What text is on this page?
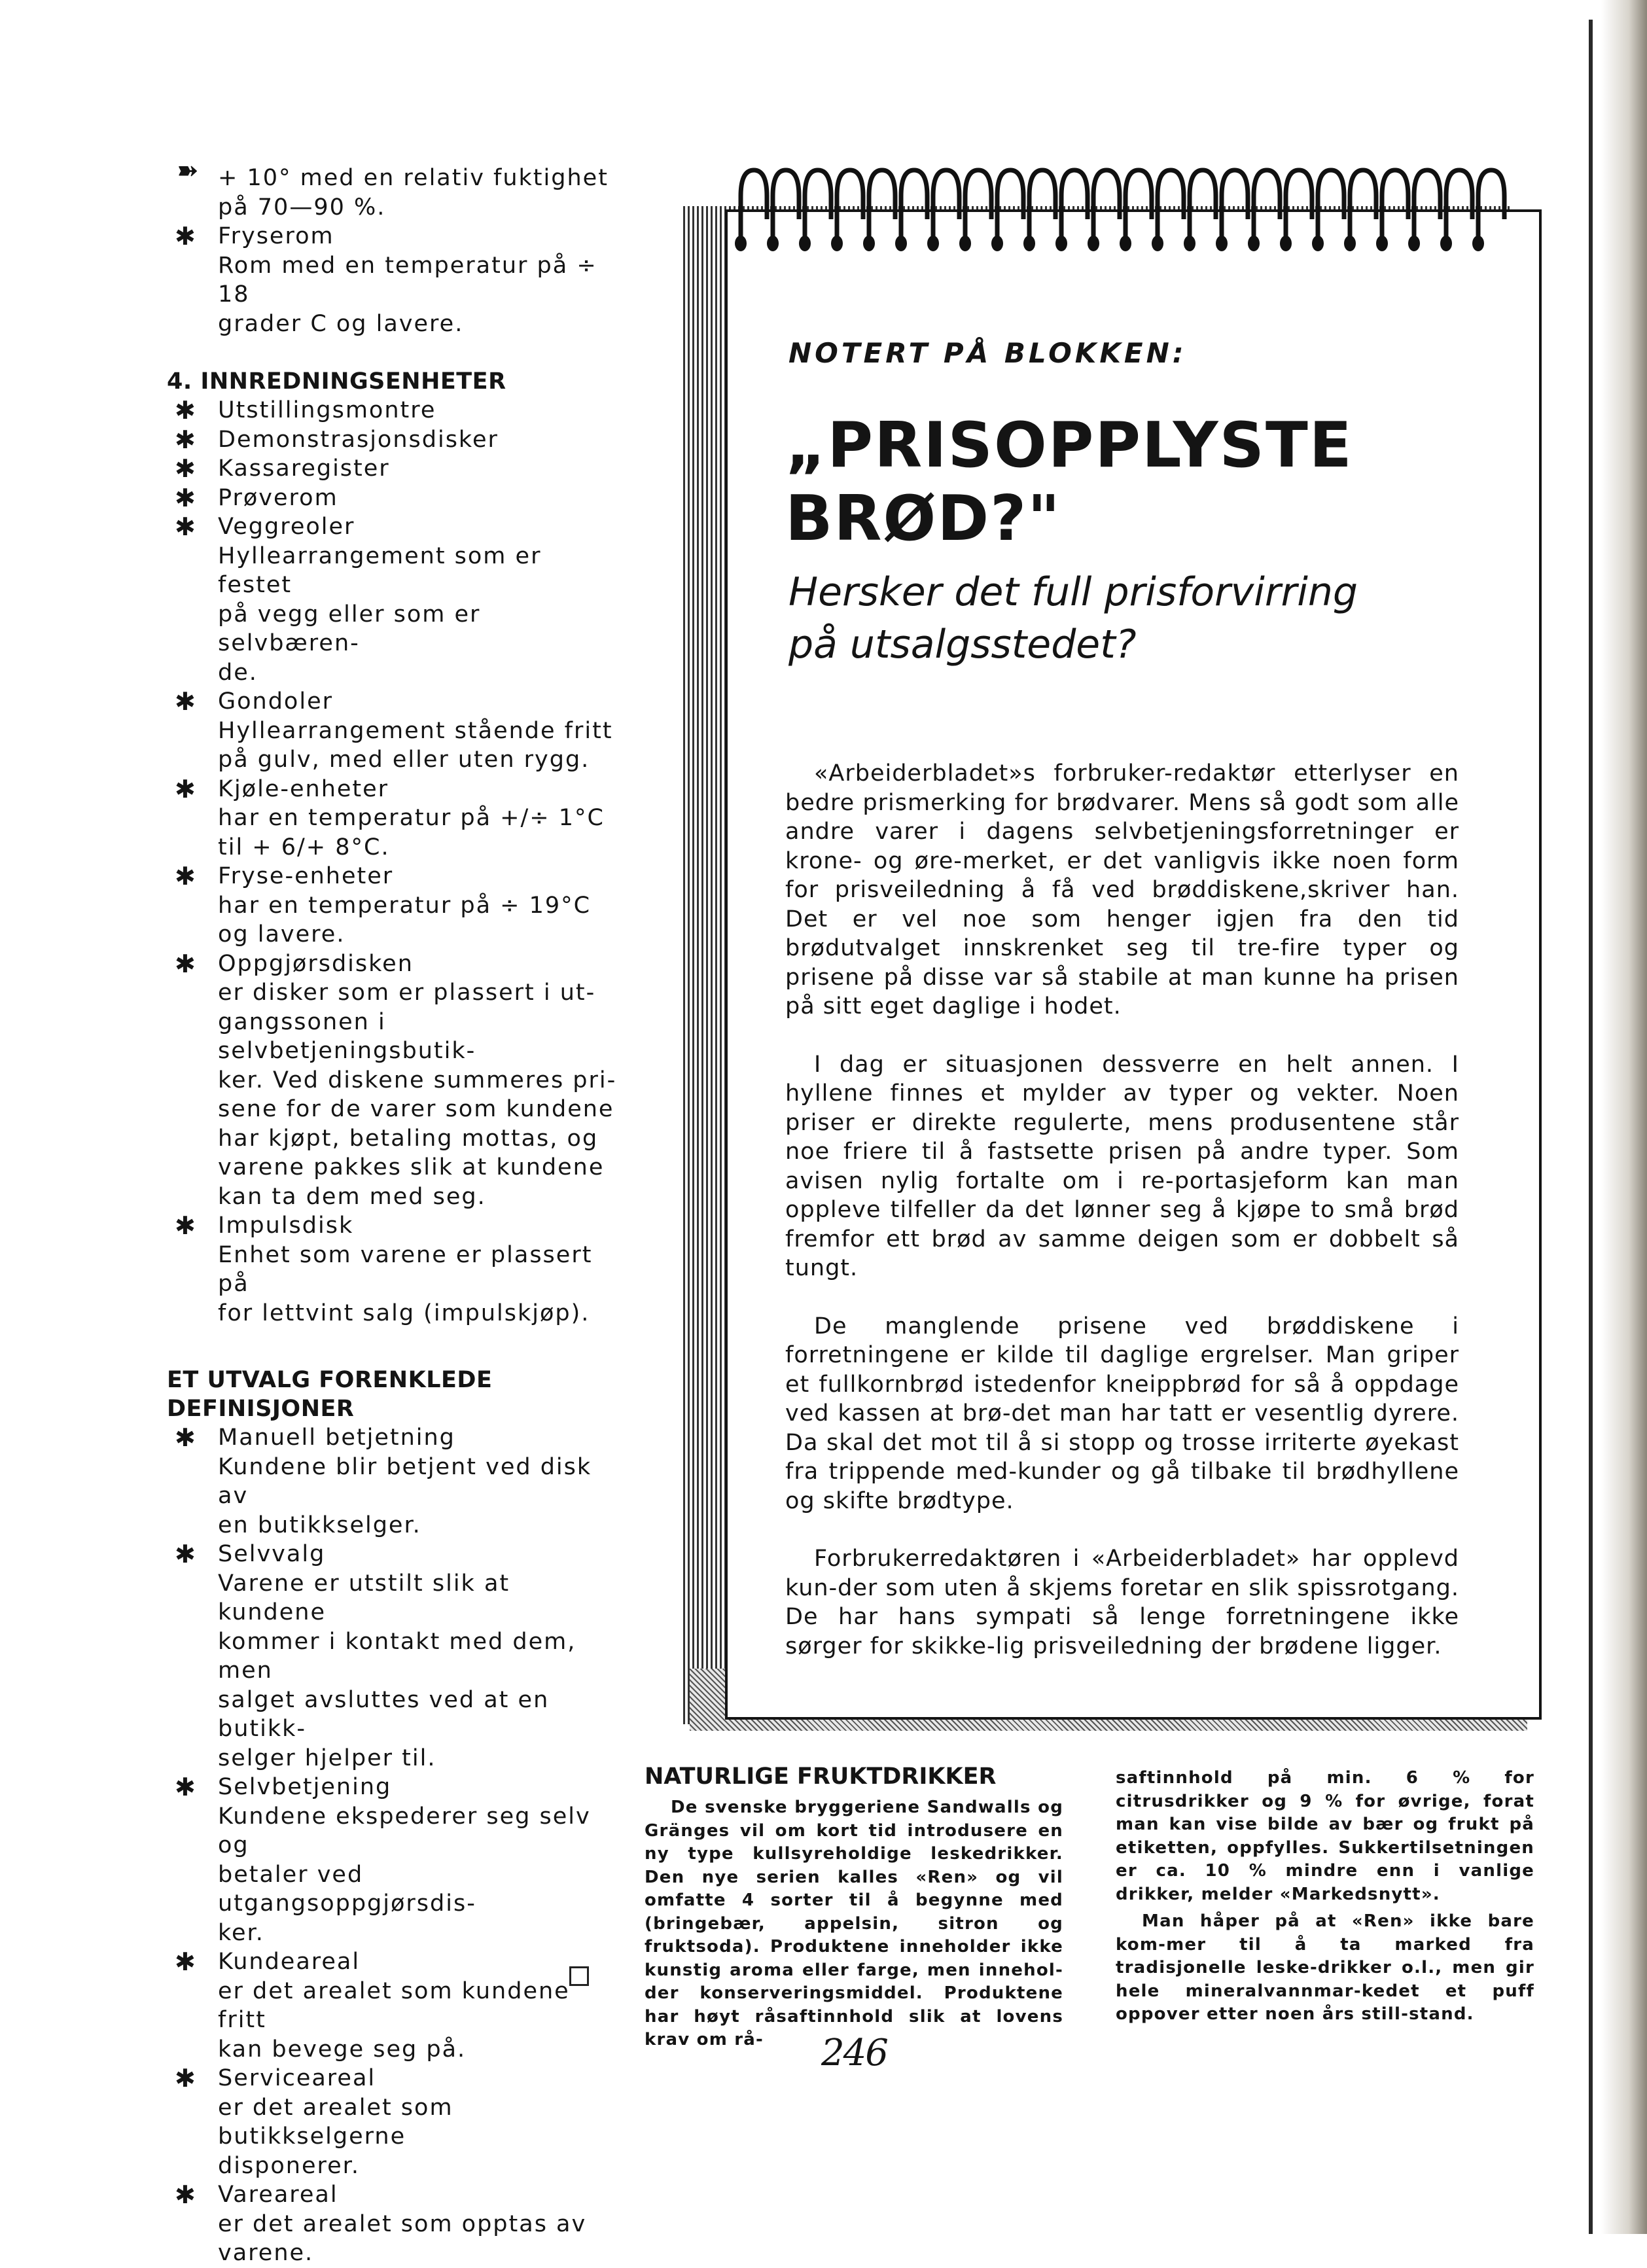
➽	+ 10° med en relativ fuktighet

på 70—90 %.

✱ Fryserom

Rom med en temperatur på ÷ 18

grader C og lavere.

4. INNREDNINGSENHETER

✱ Utstillingsmontre

✱ Demonstrasjonsdisker

✱ Kassaregister

✱ Prøverom

✱ Veggreoler

Hyllearrangement som er festet

på vegg eller som er selvbæren-

de.

✱ Gondoler

Hyllearrangement stående fritt

på gulv, med eller uten rygg.

✱ Kjøle-enheter

har en temperatur på +/÷ 1°C

til + 6/+ 8°C.

✱ Fryse-enheter

har en temperatur på ÷ 19°C

og lavere.

✱ Oppgjørsdisken

er disker som er plassert i ut-

gangssonen i selvbetjeningsbutik-

ker. Ved diskene summeres pri-

sene for de varer som kundene

har kjøpt, betaling mottas, og

varene pakkes slik at kundene

kan ta dem med seg.

✱ Impulsdisk

Enhet som varene er plassert på

for lettvint salg (impulskjøp).

ET UTVALG FORENKLEDE

DEFINISJONER

✱ Manuell betjetning

Kundene blir betjent ved disk av

en butikkselger.

✱ Selvvalg

Varene er utstilt slik at kundene

kommer i kontakt med dem, men

salget avsluttes ved at en butikk-

selger hjelper til.

✱ Selvbetjening

Kundene ekspederer seg selv og

betaler ved utgangsoppgjørsdis-

ker.

✱ Kundeareal

er det arealet som kundene fritt

kan bevege seg på.

✱ Serviceareal

er det arealet som butikkselgerne

disponerer.

✱ Vareareal

er det arealet som opptas av

varene.

NOTERT PÅ BLOKKEN:

„PRISOPPLYSTE
BRØD?"
Hersker det full prisforvirring
på utsalgsstedet?

«Arbeiderbladet»s forbruker-redaktør etterlyser en bedre prismerking for brødvarer. Mens så godt som alle andre varer i dagens selvbetjeningsforretninger er krone- og øre-merket, er det vanligvis ikke noen form for prisveiledning å få ved brøddiskene,skriver han. Det er vel noe som henger igjen fra den tid brødutvalget innskrenket seg til tre-fire typer og prisene på disse var så stabile at man kunne ha prisen på sitt eget daglige i hodet.

I dag er situasjonen dessverre en helt annen. I hyllene finnes et mylder av typer og vekter. Noen priser er direkte regulerte, mens produsentene står noe friere til å fastsette prisen på andre typer. Som avisen nylig fortalte om i re-portasjeform kan man oppleve tilfeller da det lønner seg å kjøpe to små brød fremfor ett brød av samme deigen som er dobbelt så tungt.

De manglende prisene ved brøddiskene i forretningene er kilde til daglige ergrelser. Man griper et fullkornbrød istedenfor kneippbrød for så å oppdage ved kassen at brø-det man har tatt er vesentlig dyrere. Da skal det mot til å si stopp og trosse irriterte øyekast fra trippende med-kunder og gå tilbake til brødhyllene og skifte brødtype.

Forbrukerredaktøren i «Arbeiderbladet» har opplevd kun-der som uten å skjems foretar en slik spissrotgang. De har hans sympati så lenge forretningene ikke sørger for skikke-lig prisveiledning der brødene ligger.

NATURLIGE FRUKTDRIKKER

De svenske bryggeriene Sandwalls og Gränges vil om kort tid introdusere en ny type kullsyreholdige leskedrikker. Den nye serien kalles «Ren» og vil omfatte 4 sorter til å begynne med (bringebær, appelsin, sitron og fruktsoda). Produktene inneholder ikke kunstig aroma eller farge, men innehol-der konserveringsmiddel. Produktene har høyt råsaftinnhold slik at lovens krav om rå-

saftinnhold på min. 6 % for citrusdrikker og 9 % for øvrige, forat man kan vise bilde av bær og frukt på etiketten, oppfylles. Sukkertilsetningen er ca. 10 % mindre enn i vanlige drikker, melder «Markedsnytt».

Man håper på at «Ren» ikke bare kom-mer til å ta marked fra tradisjonelle leske-drikker o.l., men gir hele mineralvannmar-kedet et puff oppover etter noen års still-stand.

246
